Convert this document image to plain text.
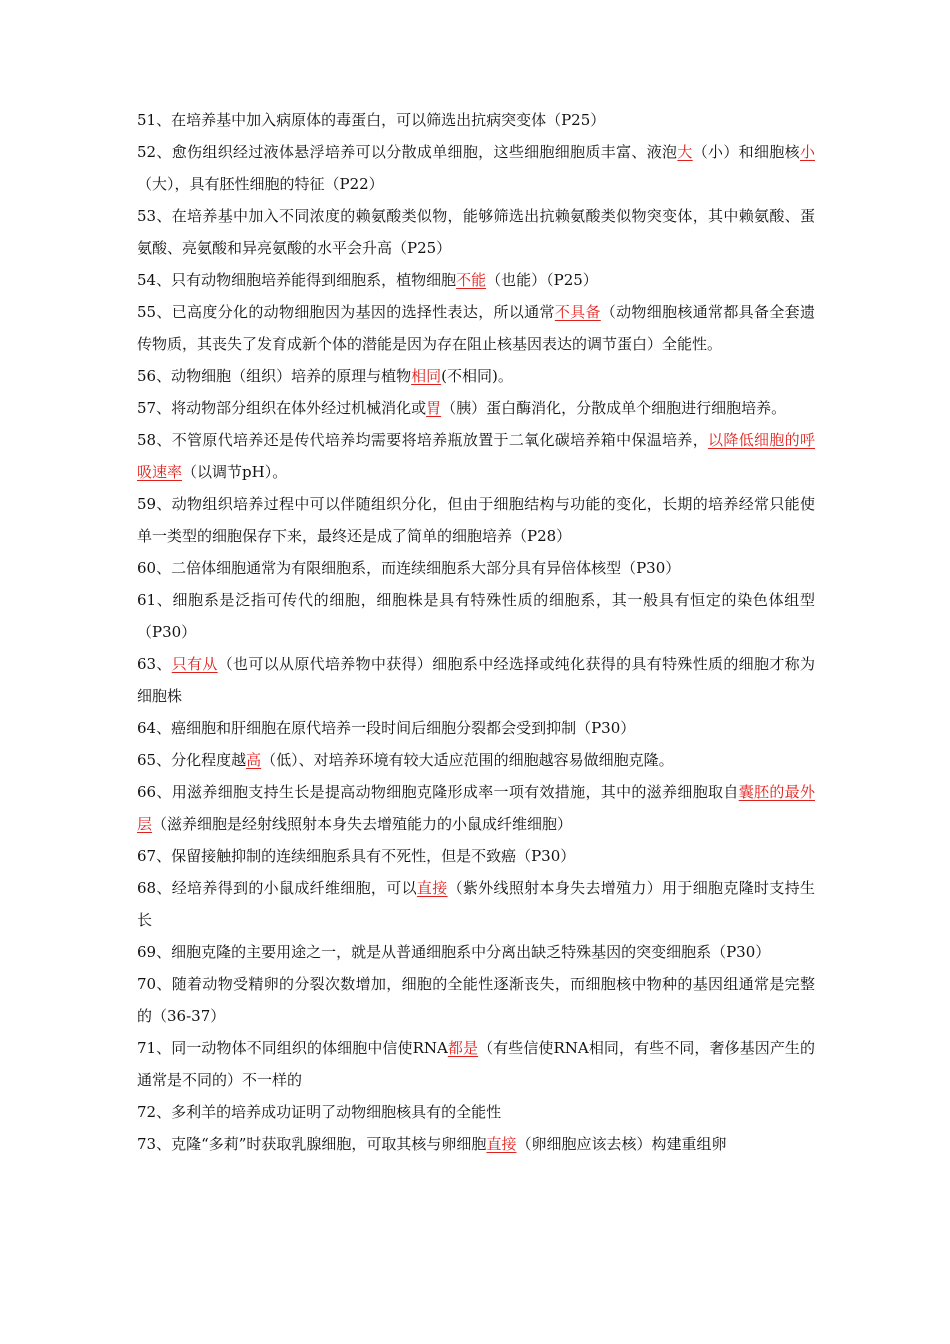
51、在培养基中加入病原体的毒蛋白，可以筛选出抗病突变体（P25）

52、愈伤组织经过液体悬浮培养可以分散成单细胞，这些细胞细胞质丰富、液泡大（小）和细胞核小（大），具有胚性细胞的特征（P22）

53、在培养基中加入不同浓度的赖氨酸类似物，能够筛选出抗赖氨酸类似物突变体，其中赖氨酸、蛋氨酸、亮氨酸和异亮氨酸的水平会升高（P25）

54、只有动物细胞培养能得到细胞系，植物细胞不能（也能）（P25）

55、已高度分化的动物细胞因为基因的选择性表达，所以通常不具备（动物细胞核通常都具备全套遗传物质，其丧失了发育成新个体的潜能是因为存在阻止核基因表达的调节蛋白）全能性。

56、动物细胞（组织）培养的原理与植物相同(不相同)。

57、将动物部分组织在体外经过机械消化或胃（胰）蛋白酶消化，分散成单个细胞进行细胞培养。

58、不管原代培养还是传代培养均需要将培养瓶放置于二氧化碳培养箱中保温培养，以降低细胞的呼吸速率（以调节pH）。

59、动物组织培养过程中可以伴随组织分化，但由于细胞结构与功能的变化，长期的培养经常只能使单一类型的细胞保存下来，最终还是成了简单的细胞培养（P28）

60、二倍体细胞通常为有限细胞系，而连续细胞系大部分具有异倍体核型（P30）

61、细胞系是泛指可传代的细胞，细胞株是具有特殊性质的细胞系，其一般具有恒定的染色体组型（P30）

63、只有从（也可以从原代培养物中获得）细胞系中经选择或纯化获得的具有特殊性质的细胞才称为细胞株

64、癌细胞和肝细胞在原代培养一段时间后细胞分裂都会受到抑制（P30）

65、分化程度越高（低）、对培养环境有较大适应范围的细胞越容易做细胞克隆。

66、用滋养细胞支持生长是提高动物细胞克隆形成率一项有效措施，其中的滋养细胞取自囊胚的最外层（滋养细胞是经射线照射本身失去增殖能力的小鼠成纤维细胞）

67、保留接触抑制的连续细胞系具有不死性，但是不致癌（P30）

68、经培养得到的小鼠成纤维细胞，可以直接（紫外线照射本身失去增殖力）用于细胞克隆时支持生长

69、细胞克隆的主要用途之一，就是从普通细胞系中分离出缺乏特殊基因的突变细胞系（P30）

70、随着动物受精卵的分裂次数增加，细胞的全能性逐渐丧失，而细胞核中物种的基因组通常是完整的（36-37）

71、同一动物体不同组织的体细胞中信使RNA都是（有些信使RNA相同，有些不同，奢侈基因产生的通常是不同的）不一样的

72、多利羊的培养成功证明了动物细胞核具有的全能性

73、克隆“多莉”时获取乳腺细胞，可取其核与卵细胞直接（卵细胞应该去核）构建重组卵
